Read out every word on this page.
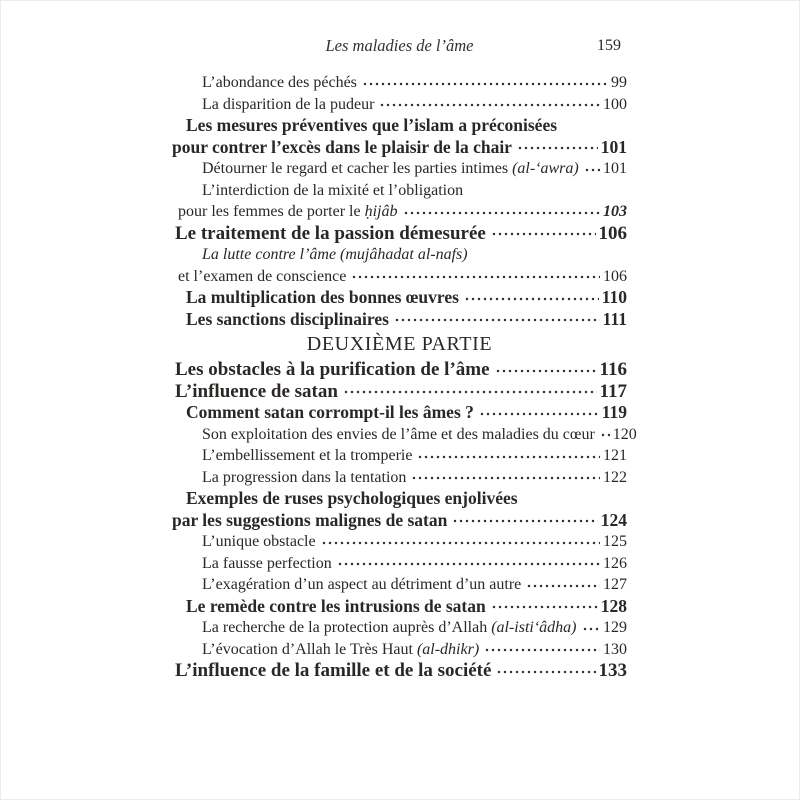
Les maladies de l’âme	159
L’abondance des péchés	99
La disparition de la pudeur	100
Les mesures préventives que l’islam a préconisées
pour contrer l’excès dans le plaisir de la chair	101
Détourner le regard et cacher les parties intimes (al-‘awra) 101
L’interdiction de la mixité et l’obligation
pour les femmes de porter le ḥijâb	103
Le traitement de la passion démesurée	106
La lutte contre l’âme (mujâhadat al-nafs)
et l’examen de conscience	106
La multiplication des bonnes œuvres	110
Les sanctions disciplinaires	111
DEUXIÈME PARTIE
Les obstacles à la purification de l’âme	116
L’influence de satan	117
Comment satan corrompt-il les âmes ?	119
Son exploitation des envies de l’âme et des maladies du cœur 120
L’embellissement et la tromperie	121
La progression dans la tentation	122
Exemples de ruses psychologiques enjolivées
par les suggestions malignes de satan	124
L’unique obstacle	125
La fausse perfection	126
L’exagération d’un aspect au détriment d’un autre	127
Le remède contre les intrusions de satan	128
La recherche de la protection auprès d’Allah (al-isti‘âdha) 129
L’évocation d’Allah le Très Haut (al-dhikr)	130
L’influence de la famille et de la société	133
